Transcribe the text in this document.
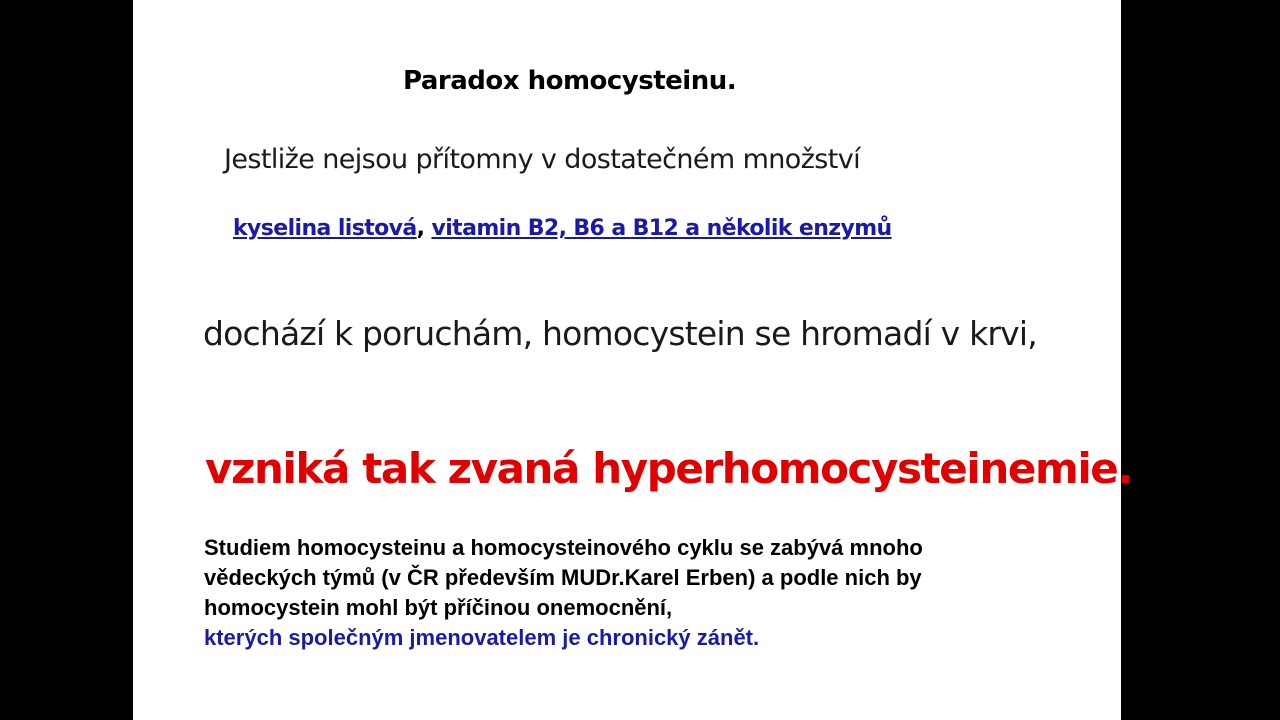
Paradox homocysteinu.
Jestliže nejsou přítomny v dostatečném množství
kyselina listová, vitamin B2, B6 a B12 a několik enzymů
dochází k poruchám, homocystein se hromadí v krvi,
vzniká tak zvaná hyperhomocysteinemie.
Studiem homocysteinu a homocysteinového cyklu se zabývá mnoho
vědeckých týmů (v ČR především MUDr.Karel Erben) a podle nich by
homocystein mohl být příčinou onemocnění,
kterých společným jmenovatelem je chronický zánět.
